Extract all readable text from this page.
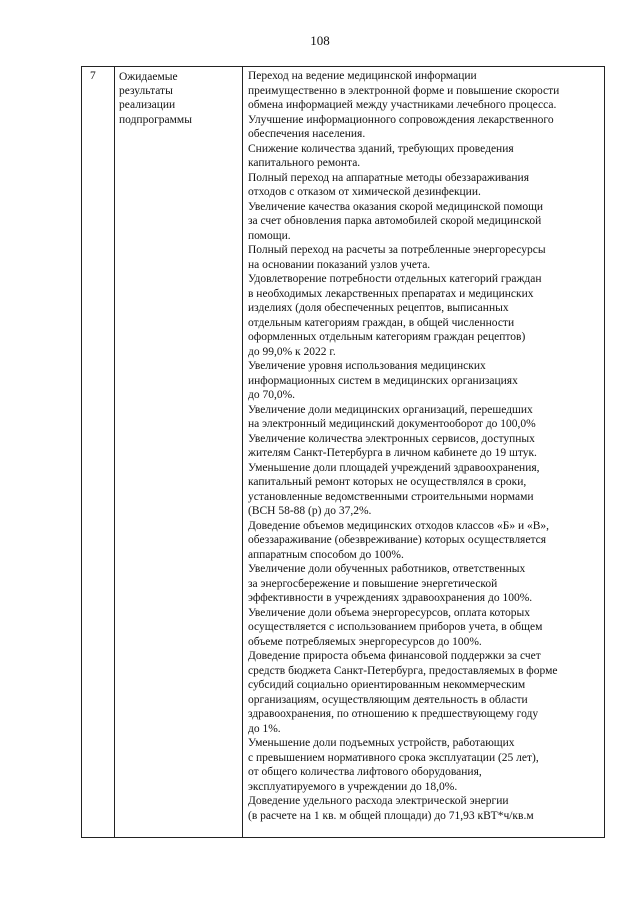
108
7 Ожидаемые
результаты
реализации
подпрограммы
Переход на ведение медицинской информации
преимущественно в электронной форме и повышение скорости
обмена информацией между участниками лечебного процесса.
Улучшение информационного сопровождения лекарственного
обеспечения населения.
Снижение количества зданий, требующих проведения
капитального ремонта.
Полный переход на аппаратные методы обеззараживания
отходов с отказом от химической дезинфекции.
Увеличение качества оказания скорой медицинской помощи
за счет обновления парка автомобилей скорой медицинской
помощи.
Полный переход на расчеты за потребленные энергоресурсы
на основании показаний узлов учета.
Удовлетворение потребности отдельных категорий граждан
в необходимых лекарственных препаратах и медицинских
изделиях (доля обеспеченных рецептов, выписанных
отдельным категориям граждан, в общей численности
оформленных отдельным категориям граждан рецептов)
до 99,0% к 2022 г.
Увеличение уровня использования медицинских
информационных систем в медицинских организациях
до 70,0%.
Увеличение доли медицинских организаций, перешедших
на электронный медицинский документооборот до 100,0%
Увеличение количества электронных сервисов, доступных
жителям Санкт-Петербурга в личном кабинете до 19 штук.
Уменьшение доли площадей учреждений здравоохранения,
капитальный ремонт которых не осуществлялся в сроки,
установленные ведомственными строительными нормами
(ВСН 58-88 (р) до 37,2%.
Доведение объемов медицинских отходов классов «Б» и «В»,
обеззараживание (обезвреживание) которых осуществляется
аппаратным способом до 100%.
Увеличение доли обученных работников, ответственных
за энергосбережение и повышение энергетической
эффективности в учреждениях здравоохранения до 100%.
Увеличение доли объема энергоресурсов, оплата которых
осуществляется с использованием приборов учета, в общем
объеме потребляемых энергоресурсов до 100%.
Доведение прироста объема финансовой поддержки за счет
средств бюджета Санкт-Петербурга, предоставляемых в форме
субсидий социально ориентированным некоммерческим
организациям, осуществляющим деятельность в области
здравоохранения, по отношению к предшествующему году
до 1%.
Уменьшение доли подъемных устройств, работающих
с превышением нормативного срока эксплуатации (25 лет),
от общего количества лифтового оборудования,
эксплуатируемого в учреждении до 18,0%.
Доведение удельного расхода электрической энергии
(в расчете на 1 кв. м общей площади) до 71,93 кВТ*ч/кв.м
